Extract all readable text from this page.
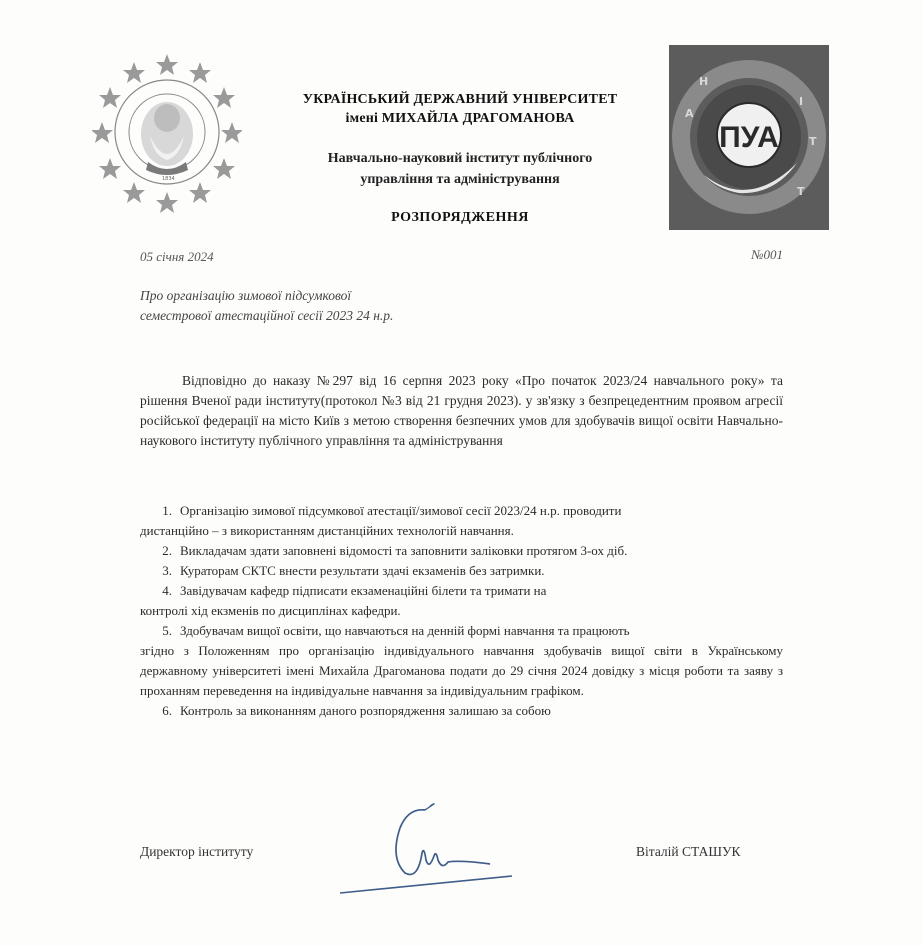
1834
ПУА
Н
А
І
Т
Т
УКРАЇНСЬКИЙ ДЕРЖАВНИЙ УНІВЕРСИТЕТ
імені МИХАЙЛА ДРАГОМАНОВА
Навчально-науковий інститут публічного
управління та адміністрування
РОЗПОРЯДЖЕННЯ
05 січня 2024	№001
Про організацію зимової підсумкової
семестрової атестаційної сесії 2023 24 н.р.
Відповідно до наказу №297 від 16 серпня 2023 року «Про початок 2023/24 навчального року» та рішення Вченої ради інституту(протокол №3 від 21 грудня 2023). у зв'язку з безпрецедентним проявом агресії російської федерації на місто Київ з метою створення безпечних умов для здобувачів вищої освіти Навчально-наукового інституту публічного управління та адміністрування
1. Організацію зимової підсумкової атестації/зимової сесії 2023/24 н.р. проводити
дистанційно – з використанням дистанційних технологій навчання.
2. Викладачам здати заповнені відомості та заповнити заліковки протягом 3-ох діб.
3. Кураторам СКТС внести результати здачі екзаменів без затримки.
4. Завідувачам кафедр підписати екзаменаційні білети та тримати на
контролі хід екзменів по дисциплінах кафедри.
5. Здобувачам вищої освіти, що навчаються на денній формі навчання та працюють
згідно з Положенням про організацію індивідуального навчання здобувачів вищої світи в Українському державному університеті імені Михайла Драгоманова подати до 29 січня 2024 довідку з місця роботи та заяву з проханням переведення на індивідуальне навчання за індивідуальним графіком.
6. Контроль за виконанням даного розпорядження залишаю за собою
Директор інституту	Віталій СТАШУК
